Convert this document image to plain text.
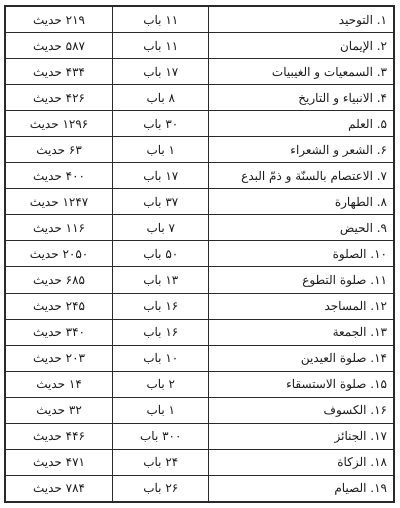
۱. التوحید	۱۱ باب	۲۱۹ حدیث
۲. الإیمان	۱۱ باب	۵۸۷ حدیث
۳. السمعیات و الغیبیات	۱۷ باب	۴۳۴ حدیث
۴. الانبیاء و التاریخ	۸ باب	۴۲۶ حدیث
۵. العلم	۳۰ باب	۱۲۹۶ حدیث
۶. الشعر و الشعراء	۱ باب	۶۳ حدیث
۷. الاعتصام بالسنّة و ذمّ البدع	۱۷ باب	۴۰۰ حدیث
۸. الطهارة	۳۷ باب	۱۲۴۷ حدیث
۹. الحیض	۷ باب	۱۱۶ حدیث
۱۰. الصلوة	۵۰ باب	۲۰۵۰ حدیث
۱۱. صلوة التطوع	۱۳ باب	۶۸۵ حدیث
۱۲. المساجد	۱۶ باب	۲۴۵ حدیث
۱۳. الجمعة	۱۶ باب	۳۴۰ حدیث
۱۴. صلوة العیدین	۱۰ باب	۲۰۳ حدیث
۱۵. صلوة الاستسقاء	۲ باب	۱۴ حدیث
۱۶. الکسوف	۱ باب	۳۲ حدیث
۱۷. الجنائز	۳۰۰ باب	۴۴۶ حدیث
۱۸. الزکاة	۲۴ باب	۴۷۱ حدیث
۱۹. الصیام	۲۶ باب	۷۸۴ حدیث
